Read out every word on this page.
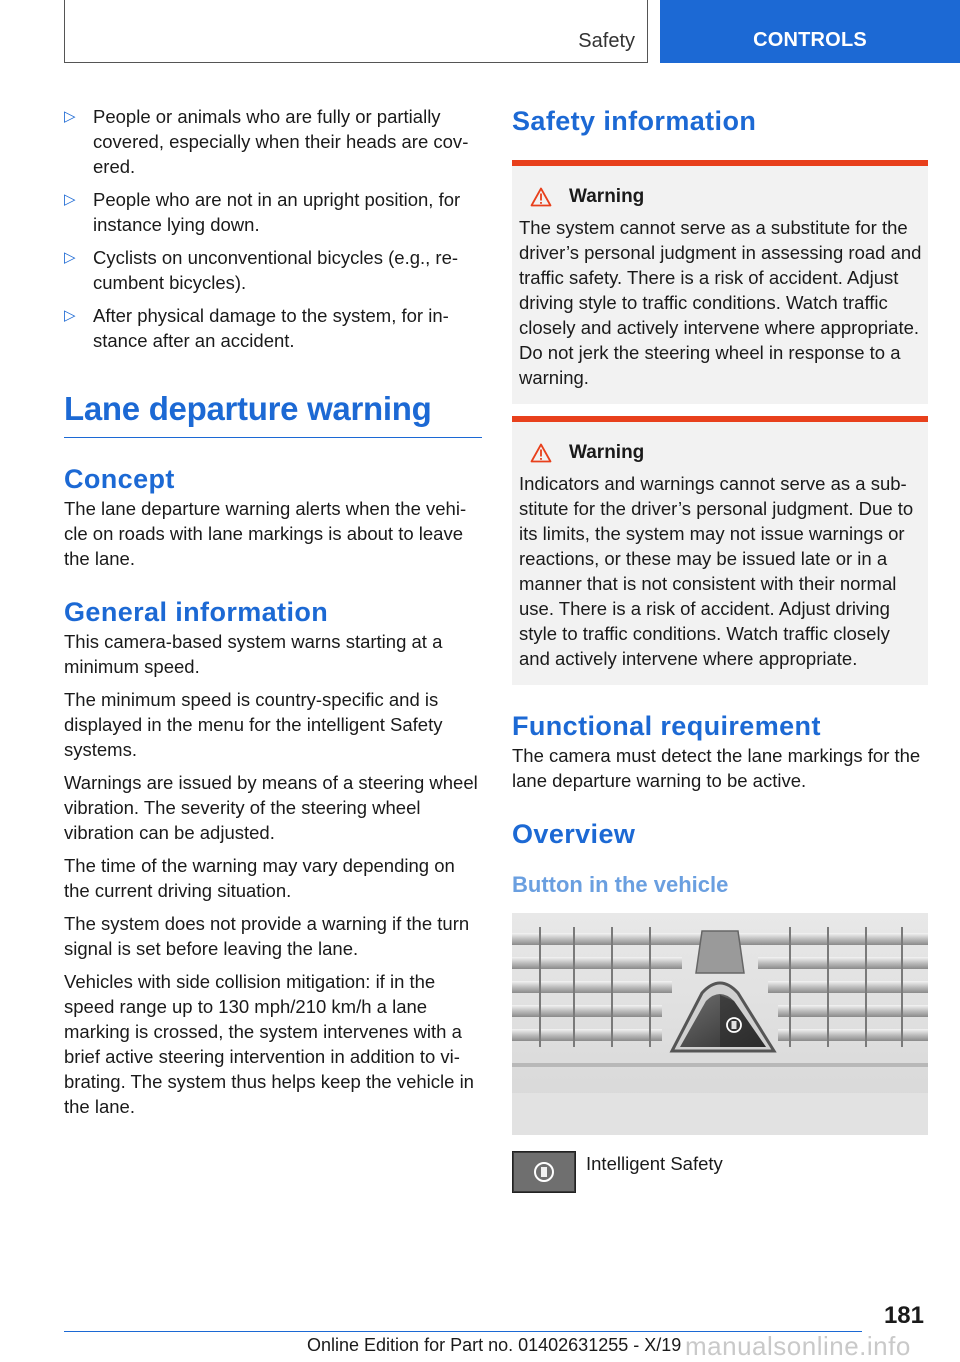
Safety	CONTROLS
▷ People or animals who are fully or partially covered, especially when their heads are covered.
▷ People who are not in an upright position, for instance lying down.
▷ Cyclists on unconventional bicycles (e.g., recumbent bicycles).
▷ After physical damage to the system, for instance after an accident.
Lane departure warning
Concept

The lane departure warning alerts when the vehicle on roads with lane markings is about to leave the lane.

General information

This camera-based system warns starting at a minimum speed.

The minimum speed is country-specific and is displayed in the menu for the intelligent Safety systems.

Warnings are issued by means of a steering wheel vibration. The severity of the steering wheel vibration can be adjusted.

The time of the warning may vary depending on the current driving situation.

The system does not provide a warning if the turn signal is set before leaving the lane.

Vehicles with side collision mitigation: if in the speed range up to 130 mph/210 km/h a lane marking is crossed, the system intervenes with a brief active steering intervention in addition to vibrating. The system thus helps keep the vehicle in the lane.

Safety information
Warning

The system cannot serve as a substitute for the driver’s personal judgment in assessing road and traffic safety. There is a risk of accident. Adjust driving style to traffic conditions. Watch traffic closely and actively intervene where appropriate. Do not jerk the steering wheel in response to a warning.

Warning

Indicators and warnings cannot serve as a substitute for the driver’s personal judgment. Due to its limits, the system may not issue warnings or reactions, or these may be issued late or in a manner that is not consistent with their normal use. There is a risk of accident. Adjust driving style to traffic conditions. Watch traffic closely and actively intervene where appropriate.

Functional requirement

The camera must detect the lane markings for the lane departure warning to be active.

Overview
Button in the vehicle
Intelligent Safety
181
Online Edition for Part no. 01402631255 - X/19 manualsonline.info
